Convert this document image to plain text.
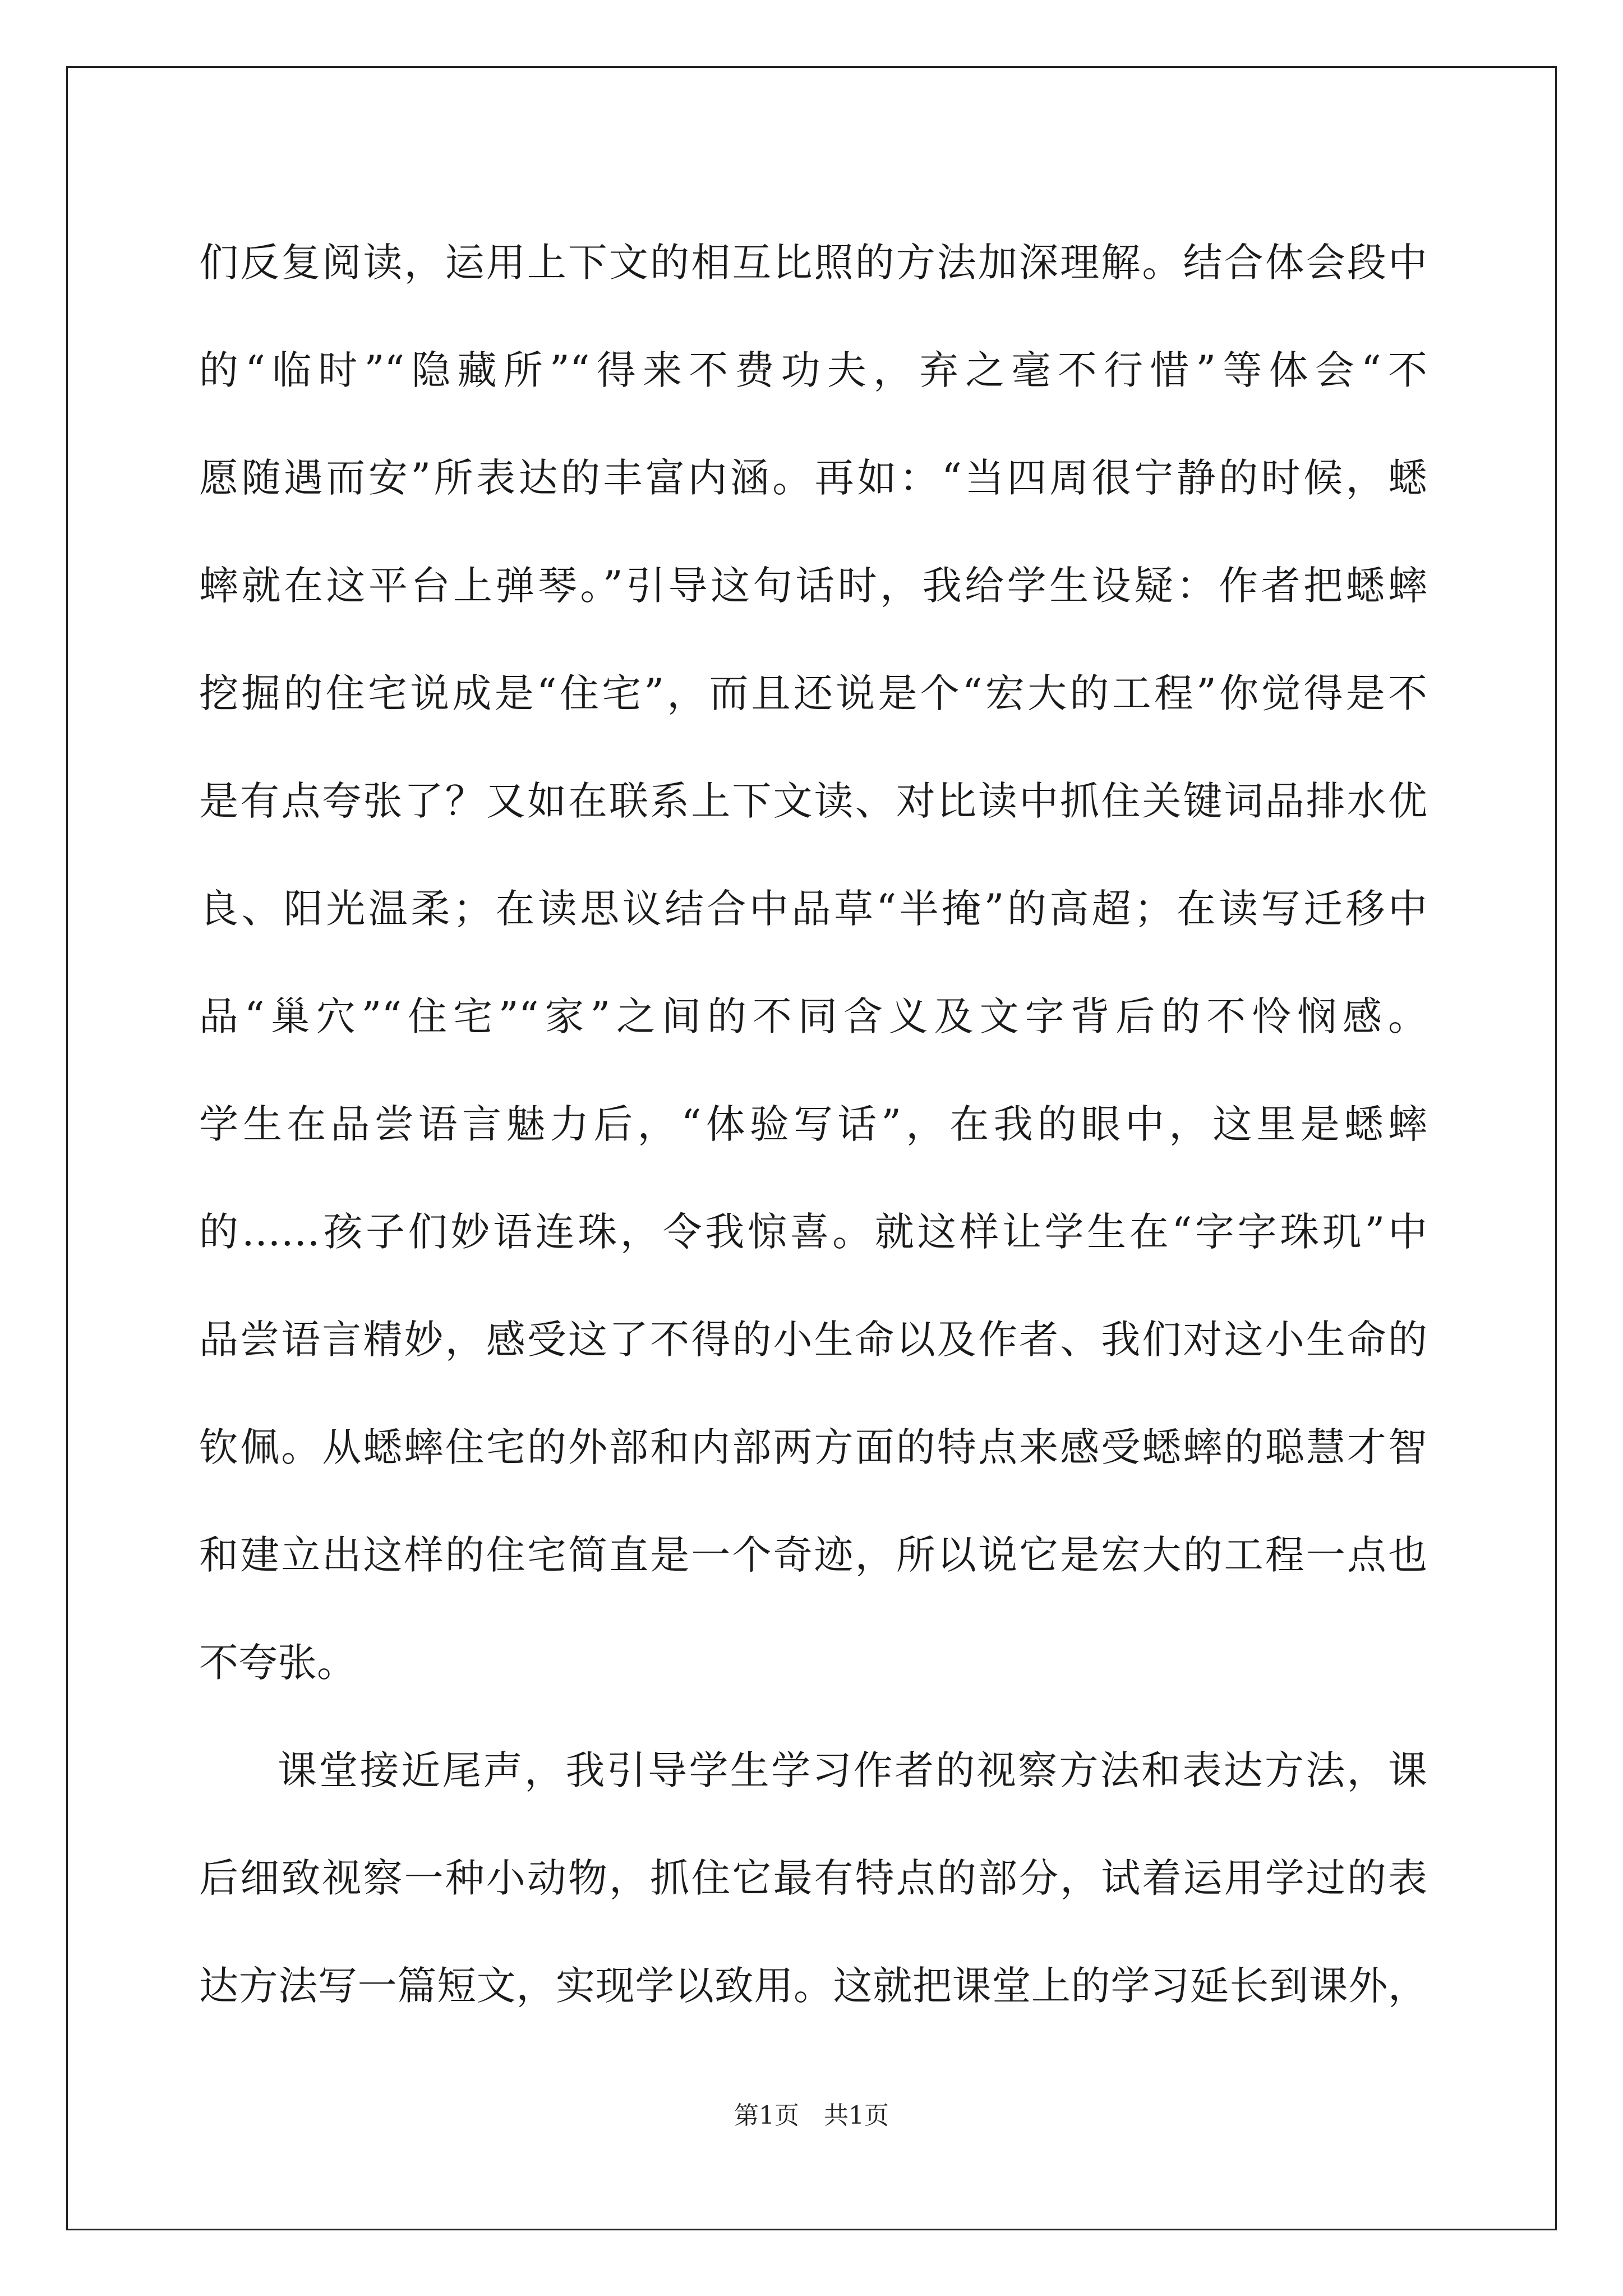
们反复阅读，运用上下文的相互比照的方法加深理解。结合体会段中
的“临时”“隐藏所”“得来不费功夫，弃之毫不行惜”等体会“不
愿随遇而安”所表达的丰富内涵。再如：“当四周很宁静的时候，蟋
蟀就在这平台上弹琴。”引导这句话时，我给学生设疑：作者把蟋蟀
挖掘的住宅说成是“住宅”，而且还说是个“宏大的工程”你觉得是不
是有点夸张了？又如在联系上下文读、对比读中抓住关键词品排水优
良、阳光温柔；在读思议结合中品草“半掩”的高超；在读写迁移中
品“巢穴”“住宅”“家”之间的不同含义及文字背后的不怜悯感。
学生在品尝语言魅力后，“体验写话”，在我的眼中，这里是蟋蟀
的……孩子们妙语连珠，令我惊喜。就这样让学生在“字字珠玑”中
品尝语言精妙，感受这了不得的小生命以及作者、我们对这小生命的
钦佩。从蟋蟀住宅的外部和内部两方面的特点来感受蟋蟀的聪慧才智
和建立出这样的住宅简直是一个奇迹，所以说它是宏大的工程一点也
不夸张。
课堂接近尾声，我引导学生学习作者的视察方法和表达方法，课
后细致视察一种小动物，抓住它最有特点的部分，试着运用学过的表
达方法写一篇短文，实现学以致用。这就把课堂上的学习延长到课外，
第1页　共1页
